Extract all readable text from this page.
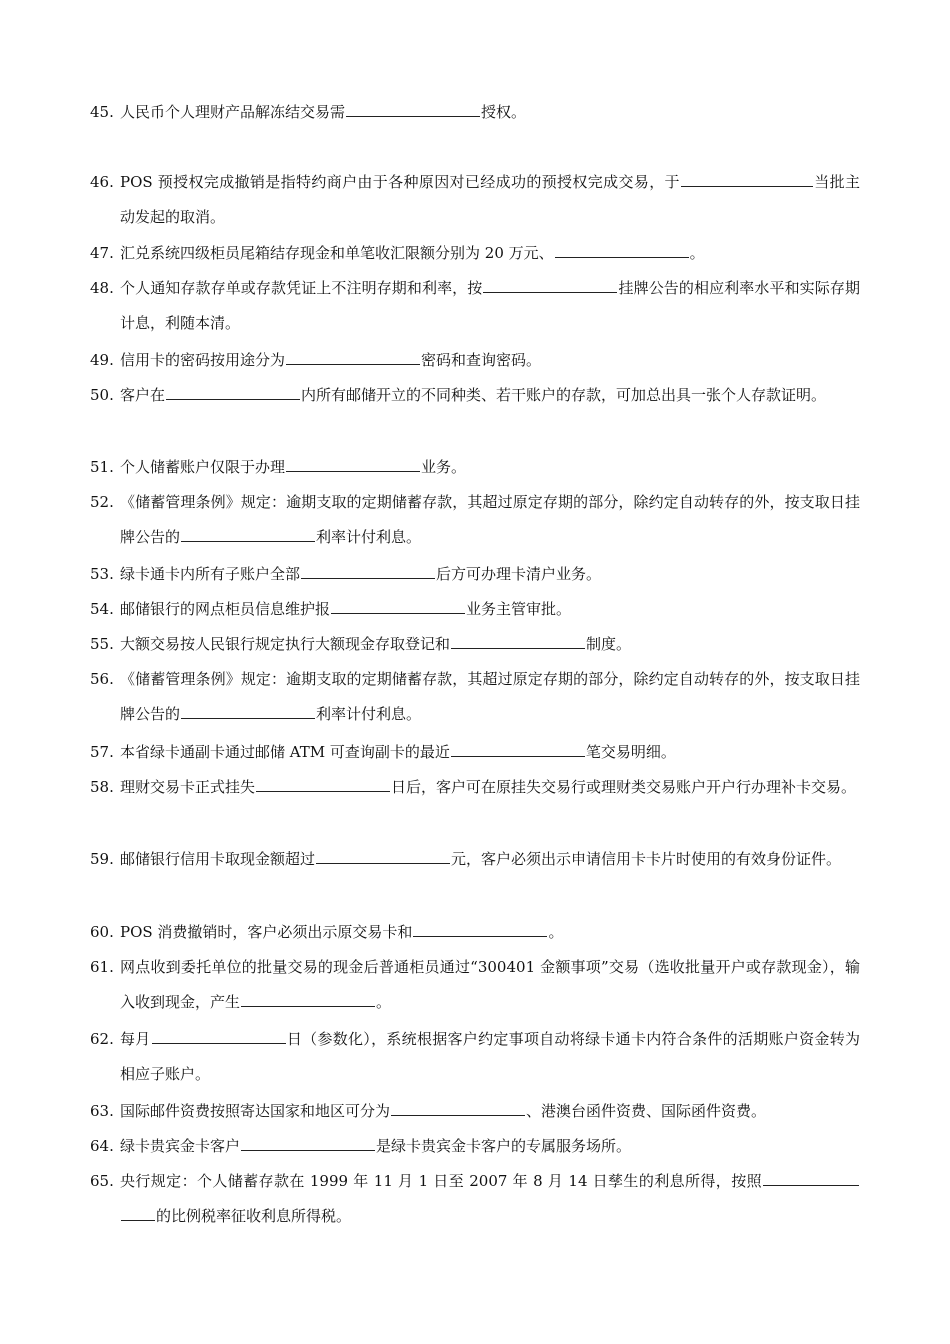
45. 人民币个人理财产品解冻结交易需	授权。

46. POS 预授权完成撤销是指特约商户由于各种原因对已经成功的预授权完成交易，于	当批主动发起的取消。

47. 汇兑系统四级柜员尾箱结存现金和单笔收汇限额分别为 20 万元、	。

48. 个人通知存款存单或存款凭证上不注明存期和利率，按	挂牌公告的相应利率水平和实际存期计息，利随本清。

49. 信用卡的密码按用途分为	密码和查询密码。

50. 客户在	内所有邮储开立的不同种类、若干账户的存款，可加总出具一张个人存款证明。

51. 个人储蓄账户仅限于办理	业务。

52. 《储蓄管理条例》规定：逾期支取的定期储蓄存款，其超过原定存期的部分，除约定自动转存的外，按支取日挂牌公告的	利率计付利息。

53. 绿卡通卡内所有子账户全部	后方可办理卡清户业务。

54. 邮储银行的网点柜员信息维护报	业务主管审批。

55. 大额交易按人民银行规定执行大额现金存取登记和	制度。

56. 《储蓄管理条例》规定：逾期支取的定期储蓄存款，其超过原定存期的部分，除约定自动转存的外，按支取日挂牌公告的	利率计付利息。

57. 本省绿卡通副卡通过邮储 ATM 可查询副卡的最近	笔交易明细。

58. 理财交易卡正式挂失	日后，客户可在原挂失交易行或理财类交易账户开户行办理补卡交易。

59. 邮储银行信用卡取现金额超过	元，客户必须出示申请信用卡卡片时使用的有效身份证件。

60. POS 消费撤销时，客户必须出示原交易卡和	。

61. 网点收到委托单位的批量交易的现金后普通柜员通过“300401 金额事项”交易（选收批量开户或存款现金），输入收到现金，产生	。

62. 每月	日（参数化），系统根据客户约定事项自动将绿卡通卡内符合条件的活期账户资金转为相应子账户。

63. 国际邮件资费按照寄达国家和地区可分为	、港澳台函件资费、国际函件资费。

64. 绿卡贵宾金卡客户	是绿卡贵宾金卡客户的专属服务场所。

65. 央行规定：个人储蓄存款在 1999 年 11 月 1 日至 2007 年 8 月 14 日孳生的利息所得，按照的比例税率征收利息所得税。
